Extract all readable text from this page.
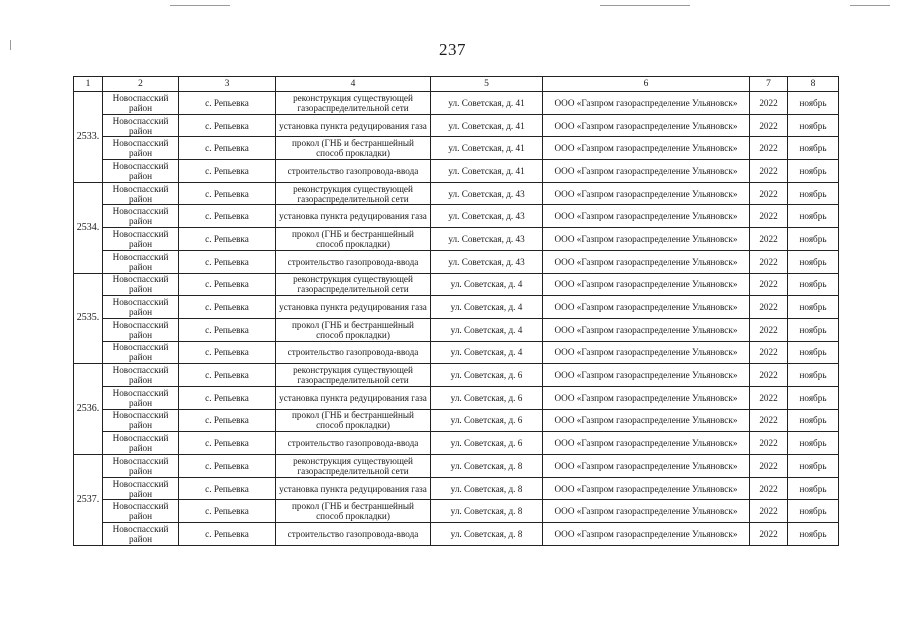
237
1	2	3	4	5	6	7	8
2533.	Новоспасский район	с. Репьевка	реконструкция существующей газораспределительной сети	ул. Советская, д. 41	ООО «Газпром газораспределение Ульяновск»	2022	ноябрь
	Новоспасский район	с. Репьевка	установка пункта редуцирования газа	ул. Советская, д. 41	ООО «Газпром газораспределение Ульяновск»	2022	ноябрь
	Новоспасский район	с. Репьевка	прокол (ГНБ и бестраншейный способ прокладки)	ул. Советская, д. 41	ООО «Газпром газораспределение Ульяновск»	2022	ноябрь
	Новоспасский район	с. Репьевка	строительство газопровода-ввода	ул. Советская, д. 41	ООО «Газпром газораспределение Ульяновск»	2022	ноябрь
2534.	Новоспасский район	с. Репьевка	реконструкция существующей газораспределительной сети	ул. Советская, д. 43	ООО «Газпром газораспределение Ульяновск»	2022	ноябрь
	Новоспасский район	с. Репьевка	установка пункта редуцирования газа	ул. Советская, д. 43	ООО «Газпром газораспределение Ульяновск»	2022	ноябрь
	Новоспасский район	с. Репьевка	прокол (ГНБ и бестраншейный способ прокладки)	ул. Советская, д. 43	ООО «Газпром газораспределение Ульяновск»	2022	ноябрь
	Новоспасский район	с. Репьевка	строительство газопровода-ввода	ул. Советская, д. 43	ООО «Газпром газораспределение Ульяновск»	2022	ноябрь
2535.	Новоспасский район	с. Репьевка	реконструкция существующей газораспределительной сети	ул. Советская, д. 4	ООО «Газпром газораспределение Ульяновск»	2022	ноябрь
	Новоспасский район	с. Репьевка	установка пункта редуцирования газа	ул. Советская, д. 4	ООО «Газпром газораспределение Ульяновск»	2022	ноябрь
	Новоспасский район	с. Репьевка	прокол (ГНБ и бестраншейный способ прокладки)	ул. Советская, д. 4	ООО «Газпром газораспределение Ульяновск»	2022	ноябрь
	Новоспасский район	с. Репьевка	строительство газопровода-ввода	ул. Советская, д. 4	ООО «Газпром газораспределение Ульяновск»	2022	ноябрь
2536.	Новоспасский район	с. Репьевка	реконструкция существующей газораспределительной сети	ул. Советская, д. 6	ООО «Газпром газораспределение Ульяновск»	2022	ноябрь
	Новоспасский район	с. Репьевка	установка пункта редуцирования газа	ул. Советская, д. 6	ООО «Газпром газораспределение Ульяновск»	2022	ноябрь
	Новоспасский район	с. Репьевка	прокол (ГНБ и бестраншейный способ прокладки)	ул. Советская, д. 6	ООО «Газпром газораспределение Ульяновск»	2022	ноябрь
	Новоспасский район	с. Репьевка	строительство газопровода-ввода	ул. Советская, д. 6	ООО «Газпром газораспределение Ульяновск»	2022	ноябрь
2537.	Новоспасский район	с. Репьевка	реконструкция существующей газораспределительной сети	ул. Советская, д. 8	ООО «Газпром газораспределение Ульяновск»	2022	ноябрь
	Новоспасский район	с. Репьевка	установка пункта редуцирования газа	ул. Советская, д. 8	ООО «Газпром газораспределение Ульяновск»	2022	ноябрь
	Новоспасский район	с. Репьевка	прокол (ГНБ и бестраншейный способ прокладки)	ул. Советская, д. 8	ООО «Газпром газораспределение Ульяновск»	2022	ноябрь
	Новоспасский район	с. Репьевка	строительство газопровода-ввода	ул. Советская, д. 8	ООО «Газпром газораспределение Ульяновск»	2022	ноябрь
